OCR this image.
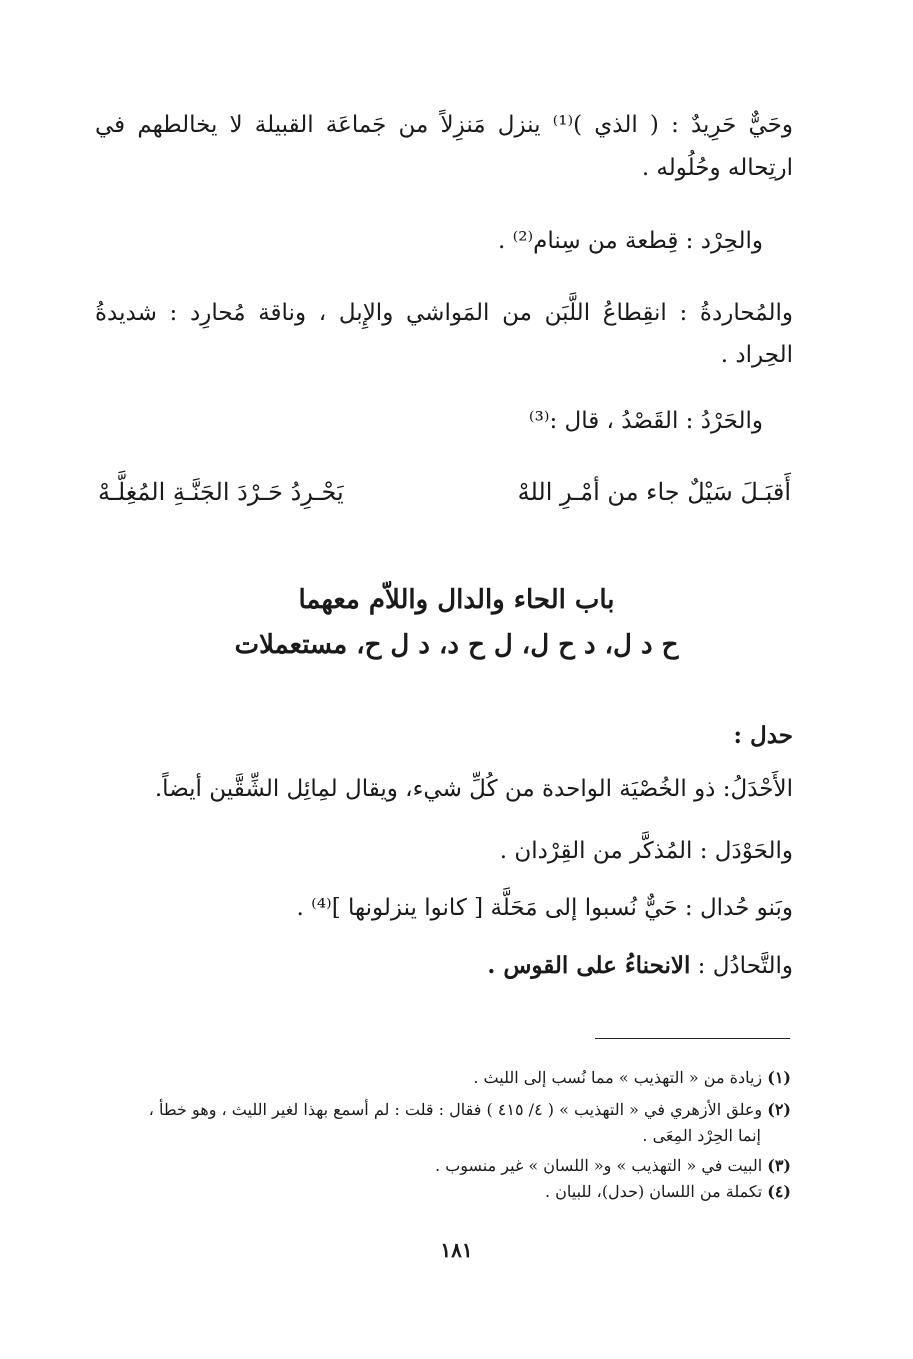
وحَيٌّ حَرِيدٌ : ( الذي )⁽¹⁾ ينزل مَنزِلاً من جَماعَة القبيلة لا يخالطهم في
ارتِحاله وحُلُوله .
والحِرْد : قِطعة من سِنام⁽²⁾ .
والمُحاردةُ : انقِطاعُ اللَّبَن من المَواشي والإِبل ، وناقة مُحارِد : شديدةُ
الحِراد .
والحَرْدُ : القَصْدُ ، قال :⁽³⁾
أَقبَـلَ سَيْلٌ جاء من أمْـرِ اللهْ
يَحْـرِدُ حَـرْدَ الجَنَّـةِ المُغِلَّـهْ
باب الحاء والدال واللاّم معهما
ح د ل، د ح ل، ل ح د، د ل ح، مستعملات
حدل :
الأَحْدَلُ: ذو الخُصْيَة الواحدة من كُلِّ شيء، ويقال لمِائِل الشِّقَّين أيضاً.
والحَوْدَل : المُذكَّر من القِرْدان .
وبَنو حُدال : حَيٌّ نُسبوا إلى مَحَلَّة [ كانوا ينزلونها ]⁽⁴⁾ .
والتَّحادُل : الانحناءُ على القوس .
(١) زيادة من « التهذيب » مما نُسب إلى الليث .
(٢) وعلق الأزهري في « التهذيب » ( ٤/ ٤١٥ ) فقال : قلت : لم أسمع بهذا لغير الليث ، وهو خطأ ،
إنما الحِرْد المِعَى .
(٣) البيت في « التهذيب » و« اللسان » غير منسوب .
(٤) تكملة من اللسان (حدل)، للبيان .
١٨١
